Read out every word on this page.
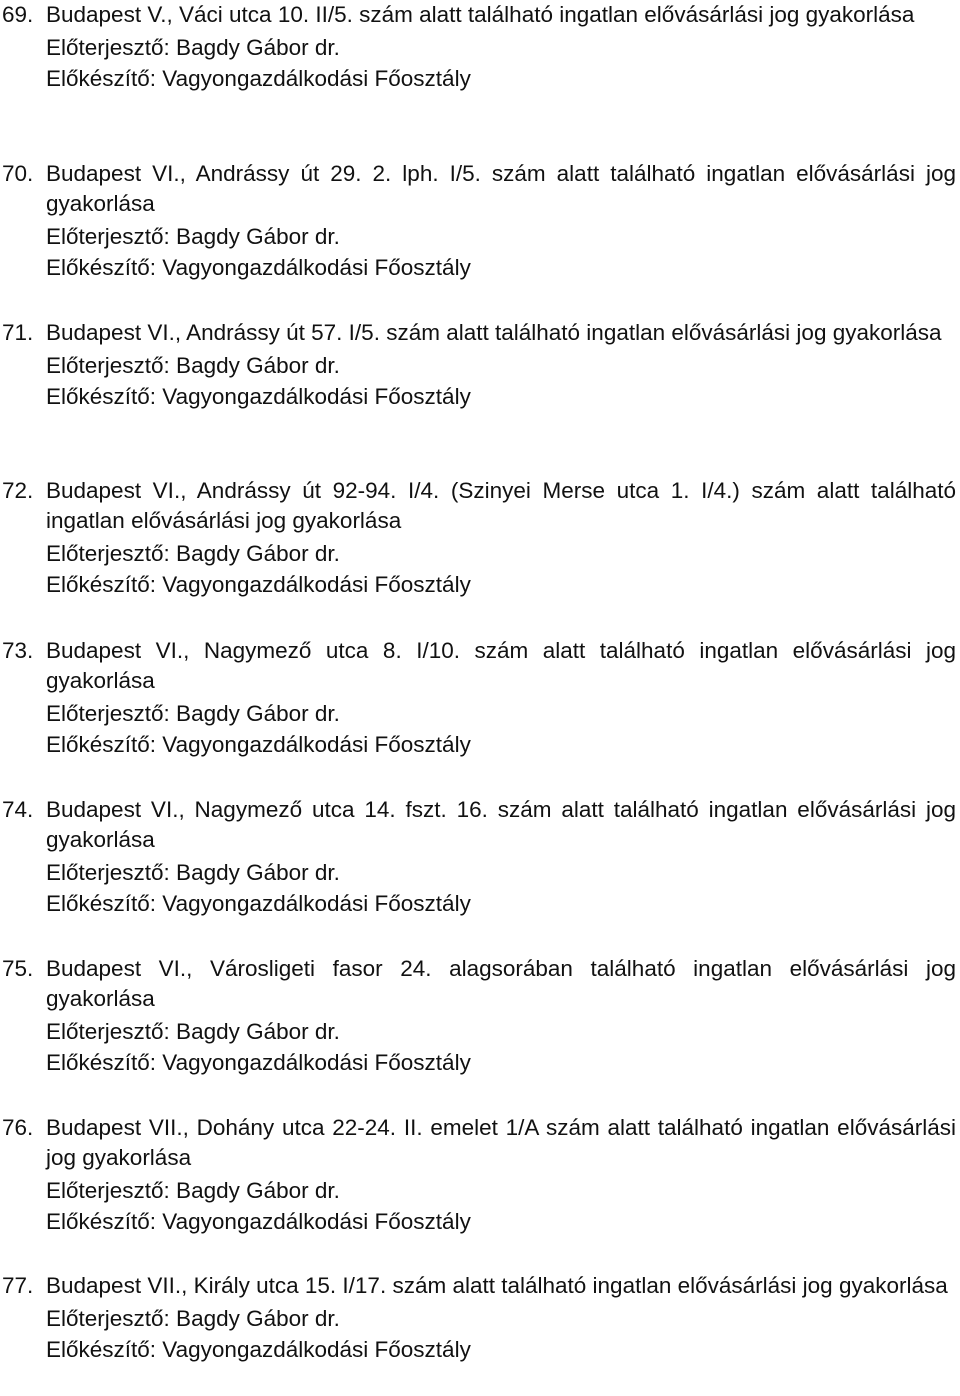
69. Budapest V., Váci utca 10. II/5. szám alatt található ingatlan elővásárlási jog gyakorlása
Előterjesztő: Bagdy Gábor dr.
Előkészítő: Vagyongazdálkodási Főosztály
70. Budapest VI., Andrássy út 29. 2. lph. I/5. szám alatt található ingatlan elővásárlási jog gyakorlása
Előterjesztő: Bagdy Gábor dr.
Előkészítő: Vagyongazdálkodási Főosztály
71. Budapest VI., Andrássy út 57. I/5. szám alatt található ingatlan elővásárlási jog gyakorlása
Előterjesztő: Bagdy Gábor dr.
Előkészítő: Vagyongazdálkodási Főosztály
72. Budapest VI., Andrássy út 92-94. I/4. (Szinyei Merse utca 1. I/4.) szám alatt található ingatlan elővásárlási jog gyakorlása
Előterjesztő: Bagdy Gábor dr.
Előkészítő: Vagyongazdálkodási Főosztály
73. Budapest VI., Nagymező utca 8. I/10. szám alatt található ingatlan elővásárlási jog gyakorlása
Előterjesztő: Bagdy Gábor dr.
Előkészítő: Vagyongazdálkodási Főosztály
74. Budapest VI., Nagymező utca 14. fszt. 16. szám alatt található ingatlan elővásárlási jog gyakorlása
Előterjesztő: Bagdy Gábor dr.
Előkészítő: Vagyongazdálkodási Főosztály
75. Budapest VI., Városligeti fasor 24. alagsorában található ingatlan elővásárlási jog gyakorlása
Előterjesztő: Bagdy Gábor dr.
Előkészítő: Vagyongazdálkodási Főosztály
76. Budapest VII., Dohány utca 22-24. II. emelet 1/A szám alatt található ingatlan elővásárlási jog gyakorlása
Előterjesztő: Bagdy Gábor dr.
Előkészítő: Vagyongazdálkodási Főosztály
77. Budapest VII., Király utca 15. I/17. szám alatt található ingatlan elővásárlási jog gyakorlása
Előterjesztő: Bagdy Gábor dr.
Előkészítő: Vagyongazdálkodási Főosztály
